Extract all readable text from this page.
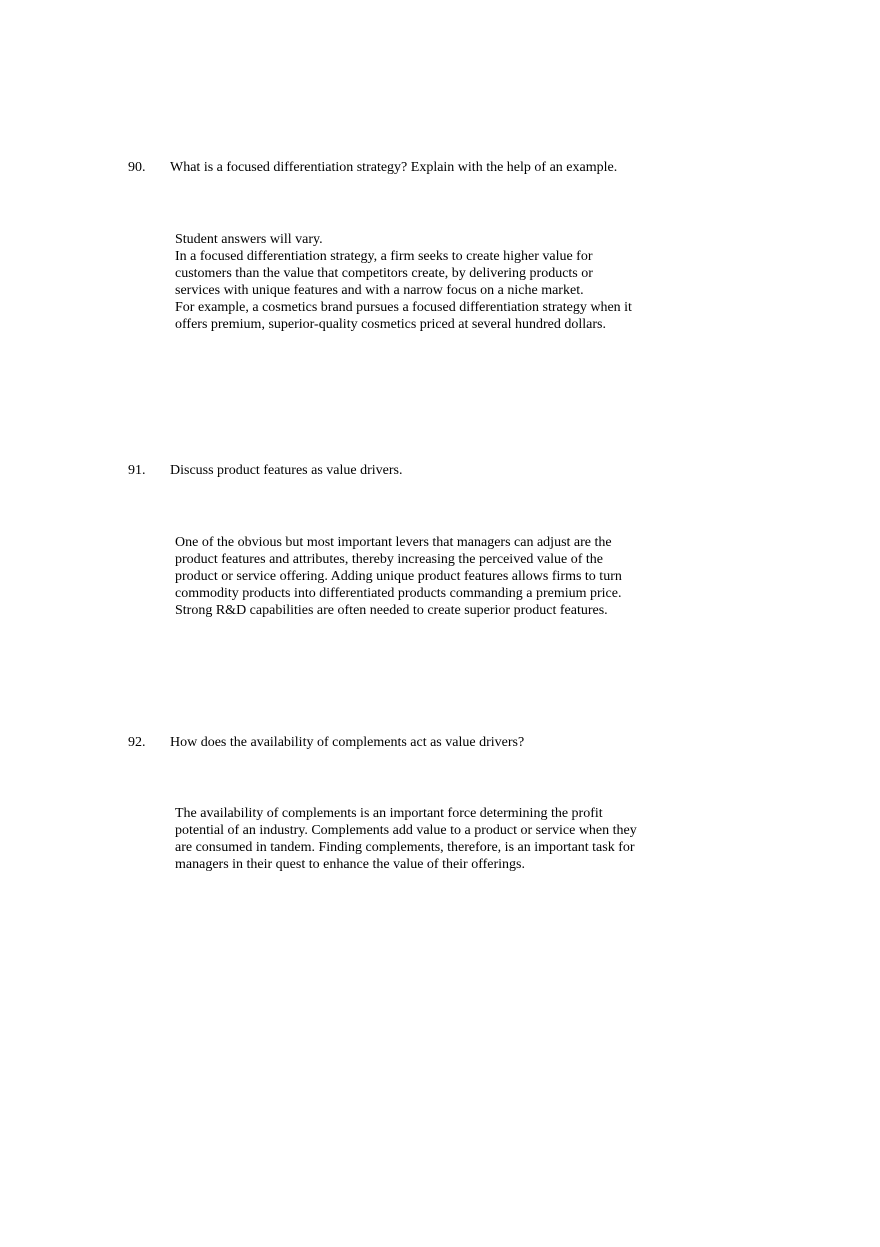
90. What is a focused differentiation strategy? Explain with the help of an example.
Student answers will vary.
In a focused differentiation strategy, a firm seeks to create higher value for
customers than the value that competitors create, by delivering products or
services with unique features and with a narrow focus on a niche market.
For example, a cosmetics brand pursues a focused differentiation strategy when it
offers premium, superior-quality cosmetics priced at several hundred dollars.
91. Discuss product features as value drivers.
One of the obvious but most important levers that managers can adjust are the
product features and attributes, thereby increasing the perceived value of the
product or service offering. Adding unique product features allows firms to turn
commodity products into differentiated products commanding a premium price.
Strong R&D capabilities are often needed to create superior product features.
92. How does the availability of complements act as value drivers?
The availability of complements is an important force determining the profit
potential of an industry. Complements add value to a product or service when they
are consumed in tandem. Finding complements, therefore, is an important task for
managers in their quest to enhance the value of their offerings.
